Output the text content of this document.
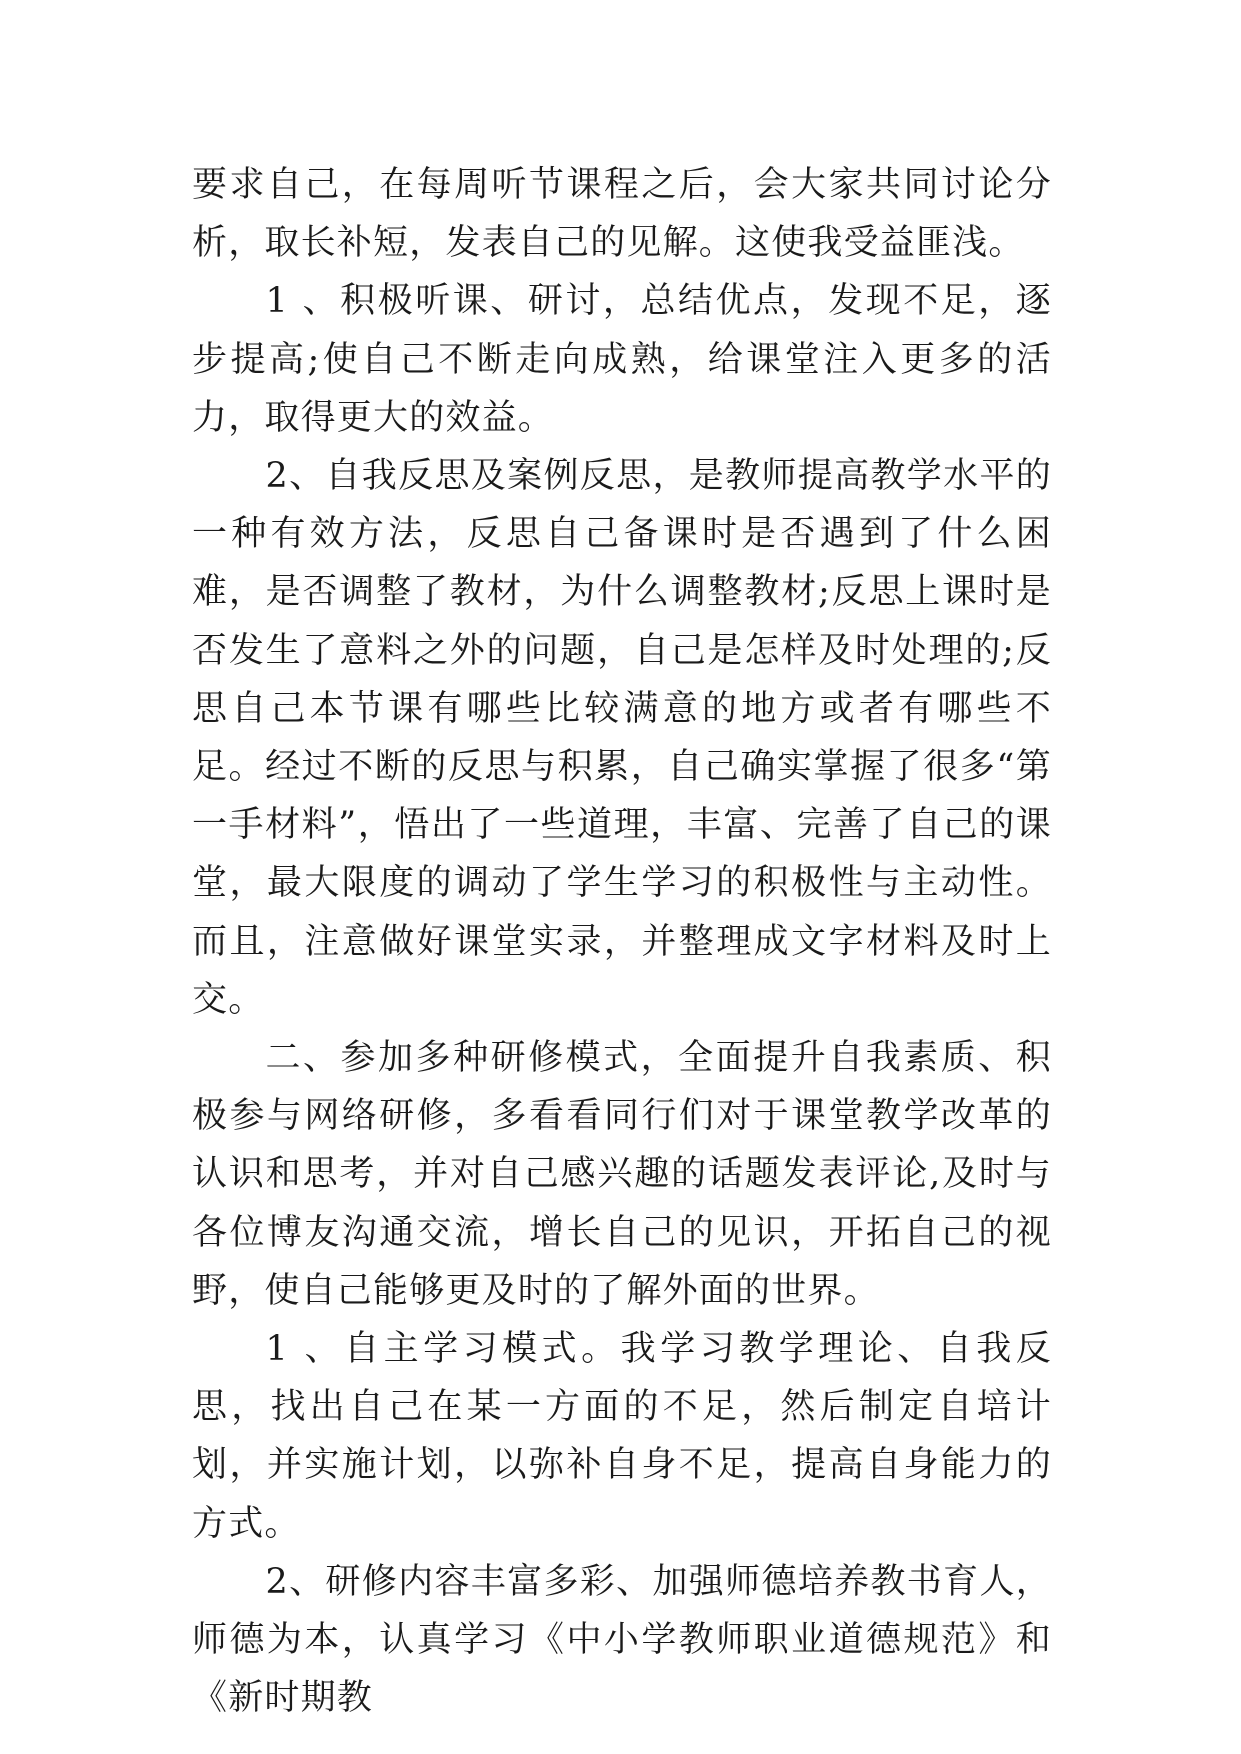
要求自己，在每周听节课程之后，会大家共同讨论分析，取长补短，发表自己的见解。这使我受益匪浅。

1 、积极听课、研讨，总结优点，发现不足，逐步提高;使自己不断走向成熟，给课堂注入更多的活力，取得更大的效益。

2、自我反思及案例反思，是教师提高教学水平的一种有效方法，反思自己备课时是否遇到了什么困难，是否调整了教材，为什么调整教材;反思上课时是否发生了意料之外的问题，自己是怎样及时处理的;反思自己本节课有哪些比较满意的地方或者有哪些不足。经过不断的反思与积累，自己确实掌握了很多“第一手材料”，悟出了一些道理，丰富、完善了自己的课堂，最大限度的调动了学生学习的积极性与主动性。而且，注意做好课堂实录，并整理成文字材料及时上交。

二、参加多种研修模式，全面提升自我素质、积极参与网络研修，多看看同行们对于课堂教学改革的认识和思考，并对自己感兴趣的话题发表评论,及时与各位博友沟通交流，增长自己的见识，开拓自己的视野，使自己能够更及时的了解外面的世界。

1 、自主学习模式。我学习教学理论、自我反思，找出自己在某一方面的不足，然后制定自培计划，并实施计划，以弥补自身不足，提高自身能力的方式。

2、研修内容丰富多彩、加强师德培养教书育人，师德为本，认真学习《中小学教师职业道德规范》和《新时期教
